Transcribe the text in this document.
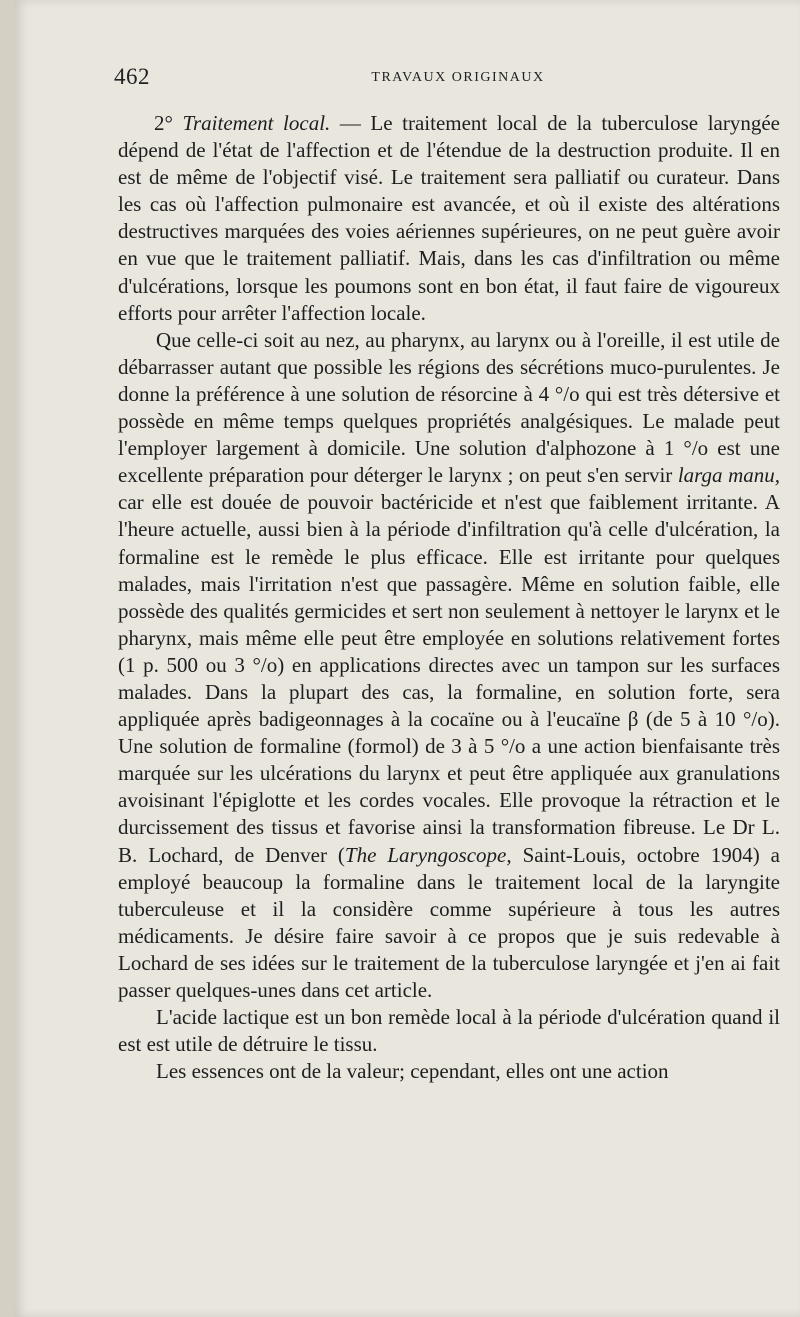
462	TRAVAUX ORIGINAUX

2° Traitement local. — Le traitement local de la tuberculose laryngée dépend de l'état de l'affection et de l'étendue de la destruction produite. Il en est de même de l'objectif visé. Le traitement sera palliatif ou curateur. Dans les cas où l'affection pulmonaire est avancée, et où il existe des altérations destructives marquées des voies aériennes supérieures, on ne peut guère avoir en vue que le traitement palliatif. Mais, dans les cas d'infiltration ou même d'ulcérations, lorsque les poumons sont en bon état, il faut faire de vigoureux efforts pour arrêter l'affection locale.

Que celle-ci soit au nez, au pharynx, au larynx ou à l'oreille, il est utile de débarrasser autant que possible les régions des sécrétions muco-purulentes. Je donne la préférence à une solution de résorcine à 4 °/o qui est très détersive et possède en même temps quelques propriétés analgésiques. Le malade peut l'employer largement à domicile. Une solution d'alphozone à 1 °/o est une excellente préparation pour déterger le larynx ; on peut s'en servir larga manu, car elle est douée de pouvoir bactéricide et n'est que faiblement irritante. A l'heure actuelle, aussi bien à la période d'infiltration qu'à celle d'ulcération, la formaline est le remède le plus efficace. Elle est irritante pour quelques malades, mais l'irritation n'est que passagère. Même en solution faible, elle possède des qualités germicides et sert non seulement à nettoyer le larynx et le pharynx, mais même elle peut être employée en solutions relativement fortes (1 p. 500 ou 3 °/o) en applications directes avec un tampon sur les surfaces malades. Dans la plupart des cas, la formaline, en solution forte, sera appliquée après badigeonnages à la cocaïne ou à l'eucaïne β (de 5 à 10 °/o). Une solution de formaline (formol) de 3 à 5 °/o a une action bienfaisante très marquée sur les ulcérations du larynx et peut être appliquée aux granulations avoisinant l'épiglotte et les cordes vocales. Elle provoque la rétraction et le durcissement des tissus et favorise ainsi la transformation fibreuse. Le Dr L. B. Lochard, de Denver (The Laryngoscope, Saint-Louis, octobre 1904) a employé beaucoup la formaline dans le traitement local de la laryngite tuberculeuse et il la considère comme supérieure à tous les autres médicaments. Je désire faire savoir à ce propos que je suis redevable à Lochard de ses idées sur le traitement de la tuberculose laryngée et j'en ai fait passer quelques-unes dans cet article.

L'acide lactique est un bon remède local à la période d'ulcération quand il est est utile de détruire le tissu.

Les essences ont de la valeur; cependant, elles ont une action
